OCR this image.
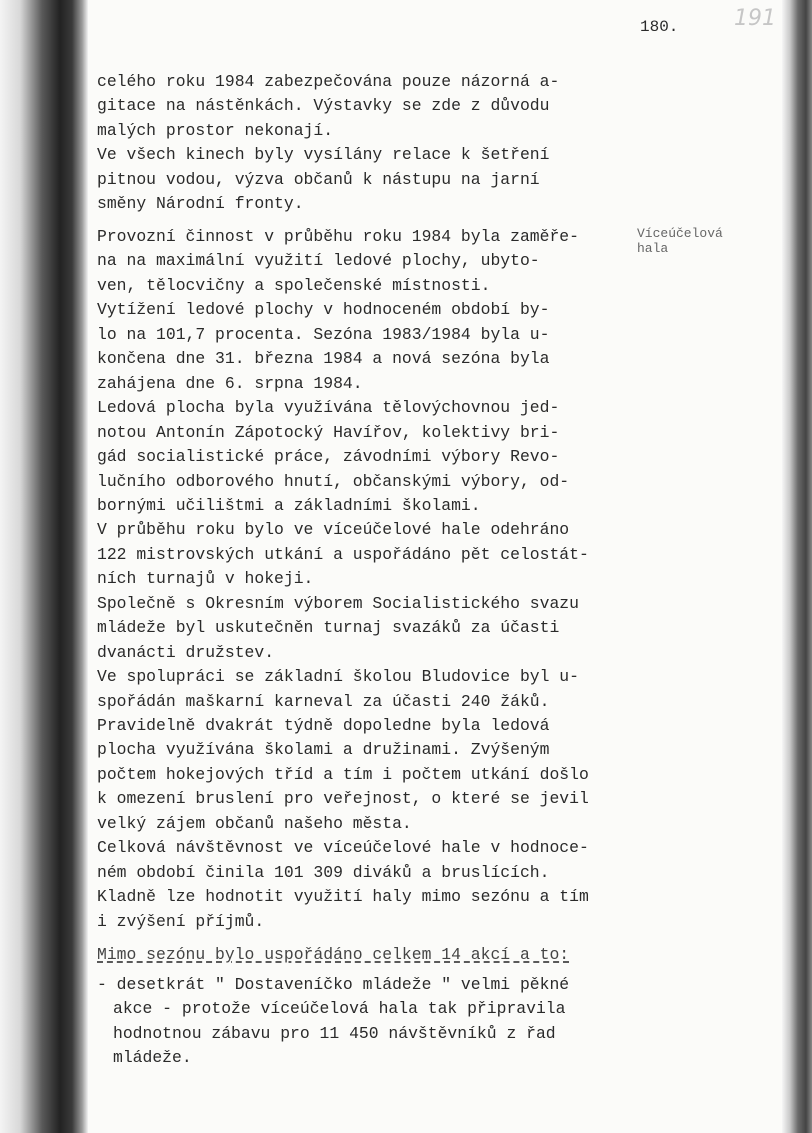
180.	191
Víceúčelová
hala
celého roku 1984 zabezpečována pouze názorná a-
gitace na nástěnkách. Výstavky se zde z důvodu
malých prostor nekonají.
Ve všech kinech byly vysílány relace k šetření
pitnou vodou, výzva občanů k nástupu na jarní
směny Národní fronty.
Provozní činnost v průběhu roku 1984 byla zaměře-
na na maximální využití ledové plochy, ubyto-
ven, tělocvičny a společenské místnosti.
Vytížení ledové plochy v hodnoceném období by-
lo na 101,7 procenta. Sezóna 1983/1984 byla u-
končena dne 31. března 1984 a nová sezóna byla
zahájena dne 6. srpna 1984.
Ledová plocha byla využívána tělovýchovnou jed-
notou Antonín Zápotocký Havířov, kolektivy bri-
gád socialistické práce, závodními výbory Revo-
lučního odborového hnutí, občanskými výbory, od-
bornými učilištmi a základními školami.
V průběhu roku bylo ve víceúčelové hale odehráno
122 mistrovských utkání a uspořádáno pět celostát-
ních turnajů v hokeji.
Společně s Okresním výborem Socialistického svazu
mládeže byl uskutečněn turnaj svazáků za účasti
dvanácti družstev.
Ve spolupráci se základní školou Bludovice byl u-
spořádán maškarní karneval za účasti 240 žáků.
Pravidelně dvakrát týdně dopoledne byla ledová
plocha využívána školami a družinami. Zvýšeným
počtem hokejových tříd a tím i počtem utkání došlo
k omezení bruslení pro veřejnost, o které se jevil
velký zájem občanů našeho města.
Celková návštěvnost ve víceúčelové hale v hodnoce-
ném období činila 101 309 diváků a bruslících.
Kladně lze hodnotit využití haly mimo sezónu a tím
i zvýšení příjmů.
Mimo sezónu bylo uspořádáno celkem 14 akcí a to:
- desetkrát " Dostaveníčko mládeže " velmi pěkné
akce - protože víceúčelová hala tak připravila
hodnotnou zábavu pro 11 450 návštěvníků z řad
mládeže.
